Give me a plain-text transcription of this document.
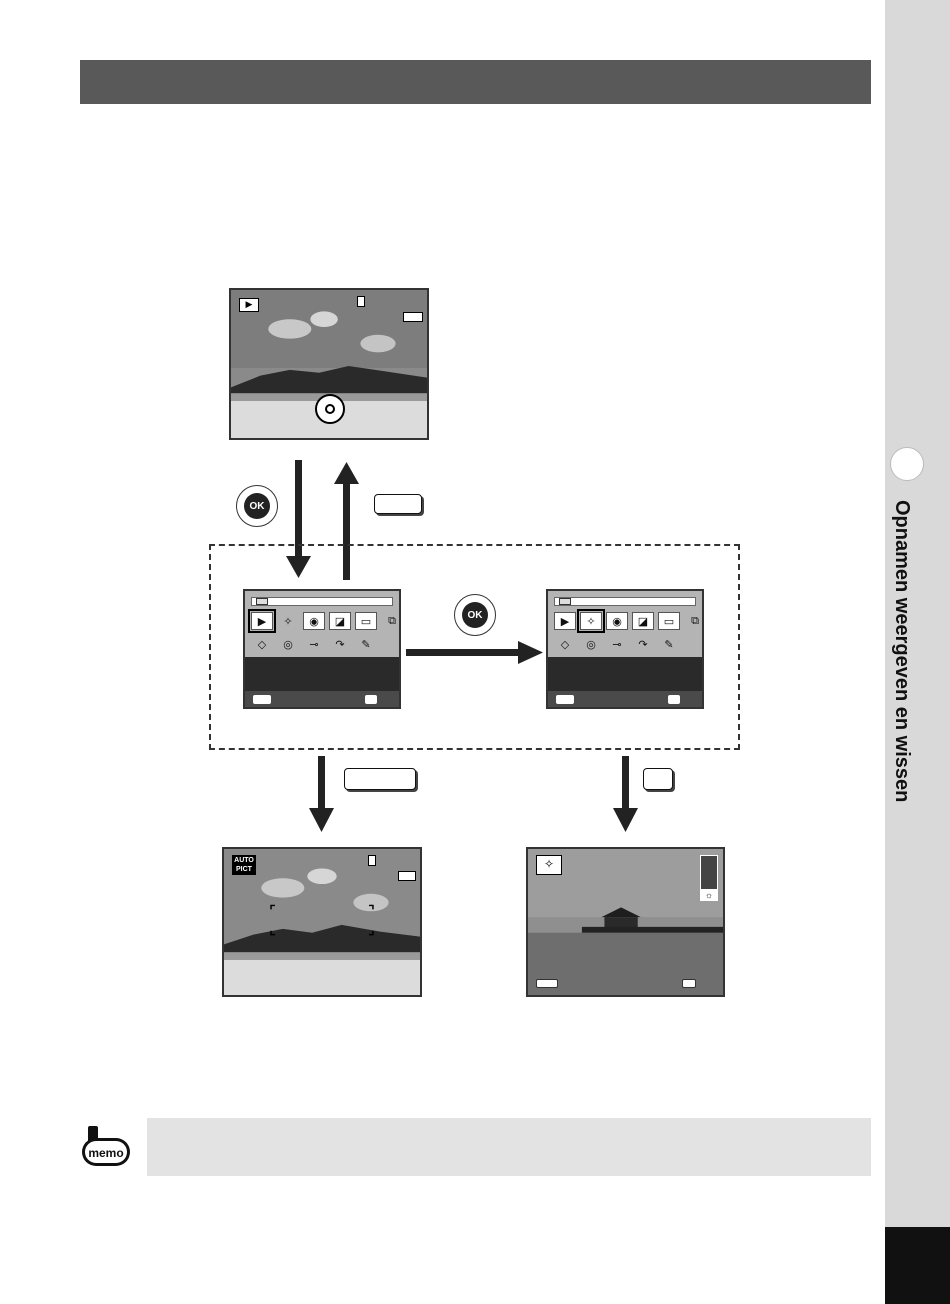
Opnamen weergeven en wissen
▶
OK
▶	✧	◉	◪	▭	⧉
◇	◎	⊸	↷	✎
OK
▶	✧	◉	◪	▭	⧉
◇	◎	⊸	↷	✎
AUTO
PICT	✧
☼
memo
